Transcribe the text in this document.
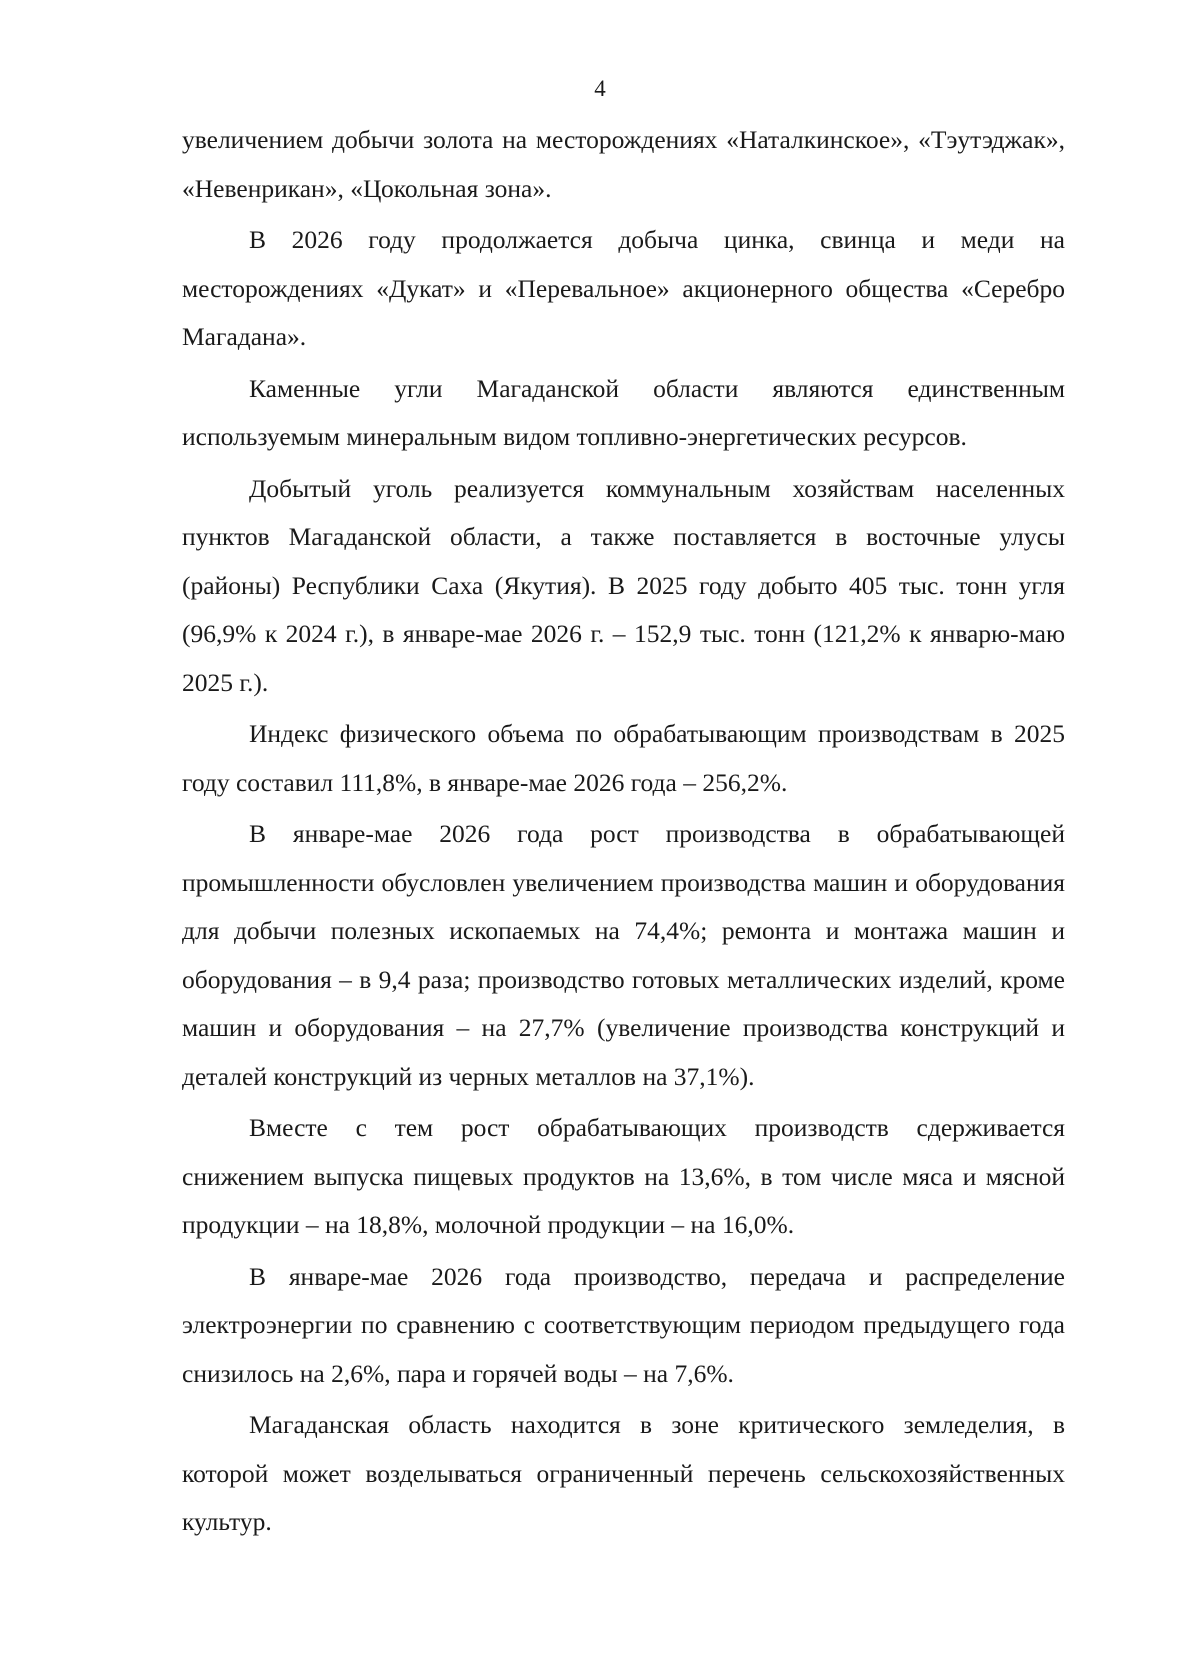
4

увеличением добычи золота на месторождениях «Наталкинское», «Тэутэджак», «Невенрикан», «Цокольная зона».

В 2026 году продолжается добыча цинка, свинца и меди на месторождениях «Дукат» и «Перевальное» акционерного общества «Серебро Магадана».

Каменные угли Магаданской области являются единственным используемым минеральным видом топливно-энергетических ресурсов.

Добытый уголь реализуется коммунальным хозяйствам населенных пунктов Магаданской области, а также поставляется в восточные улусы (районы) Республики Саха (Якутия). В 2025 году добыто 405 тыс. тонн угля (96,9% к 2024 г.), в январе-мае 2026 г. – 152,9 тыс. тонн (121,2% к январю-маю 2025 г.).

Индекс физического объема по обрабатывающим производствам в 2025 году составил 111,8%, в январе-мае 2026 года – 256,2%.

В январе-мае 2026 года рост производства в обрабатывающей промышленности обусловлен увеличением производства машин и оборудования для добычи полезных ископаемых на 74,4%; ремонта и монтажа машин и оборудования – в 9,4 раза; производство готовых металлических изделий, кроме машин и оборудования – на 27,7% (увеличение производства конструкций и деталей конструкций из черных металлов на 37,1%).

Вместе с тем рост обрабатывающих производств сдерживается снижением выпуска пищевых продуктов на 13,6%, в том числе мяса и мясной продукции – на 18,8%, молочной продукции – на 16,0%.

В январе-мае 2026 года производство, передача и распределение электроэнергии по сравнению с соответствующим периодом предыдущего года снизилось на 2,6%, пара и горячей воды – на 7,6%.

Магаданская область находится в зоне критического земледелия, в которой может возделываться ограниченный перечень сельскохозяйственных культур.
